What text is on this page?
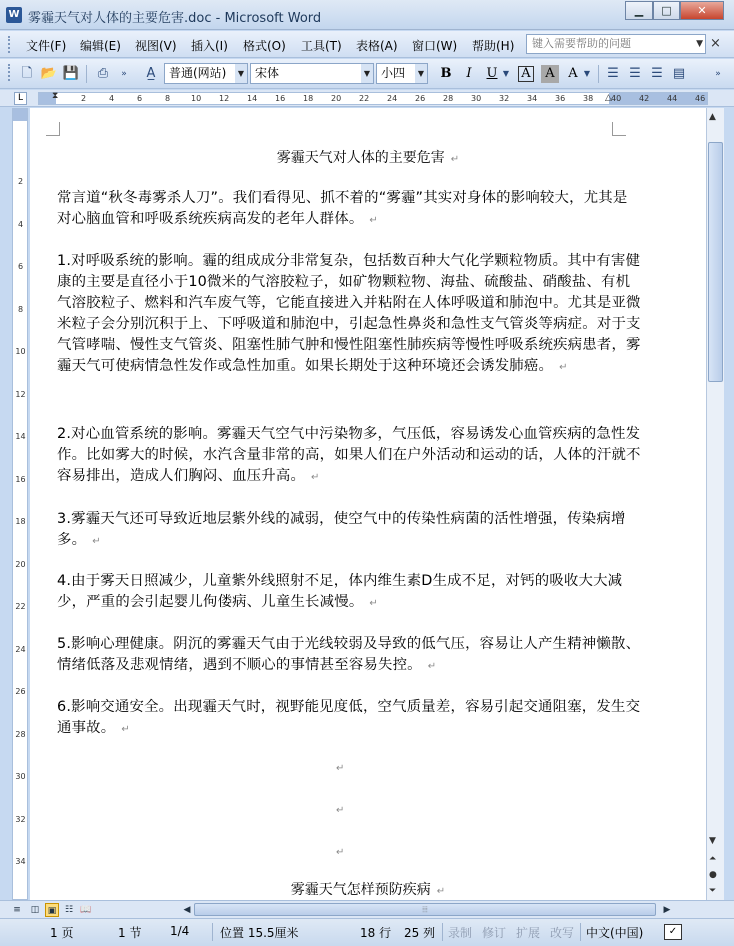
W 雾霾天气对人体的主要危害.doc - Microsoft Word
▁	□	✕
文件(F) 编辑(E) 视图(V) 插入(I) 格式(O) 工具(T) 表格(A) 窗口(W) 帮助(H)	键入需要帮助的问题	▼ ×
🗋 📂 💾 ⎙	»	A̲	普通(网站)	▼ 宋体	▼ 小四	▼ B	I	U ▼ A	A	A ▼ ☰ ☰ ☰ ▤	»
L	⧗	△
2	4	6	8	10 12 14 16 18 20 22 24 26 28 30 32 34 36 38 40 42 44 46
2
4
6
8
10
12
14
16
18
20
22
24
26
28
30
32
34
雾霾天气对人体的主要危害 ↵
常言道“秋冬毒雾杀人刀”。我们看得见、抓不着的“雾霾”其实对身体的影响较大，尤其是对心脑血管和呼吸系统疾病高发的老年人群体。 ↵
1.对呼吸系统的影响。霾的组成成分非常复杂，包括数百种大气化学颗粒物质。其中有害健康的主要是直径小于10微米的气溶胶粒子，如矿物颗粒物、海盐、硫酸盐、硝酸盐、有机气溶胶粒子、燃料和汽车废气等，它能直接进入并粘附在人体呼吸道和肺泡中。尤其是亚微米粒子会分别沉积于上、下呼吸道和肺泡中，引起急性鼻炎和急性支气管炎等病症。对于支气管哮喘、慢性支气管炎、阻塞性肺气肿和慢性阻塞性肺疾病等慢性呼吸系统疾病患者，雾霾天气可使病情急性发作或急性加重。如果长期处于这种环境还会诱发肺癌。 ↵
2.对心血管系统的影响。雾霾天气空气中污染物多，气压低，容易诱发心血管疾病的急性发作。比如雾大的时候，水汽含量非常的高，如果人们在户外活动和运动的话，人体的汗就不容易排出，造成人们胸闷、血压升高。 ↵
3.雾霾天气还可导致近地层紫外线的减弱，使空气中的传染性病菌的活性增强，传染病增多。 ↵
4.由于雾天日照减少，儿童紫外线照射不足，体内维生素D生成不足，对钙的吸收大大减少，严重的会引起婴儿佝偻病、儿童生长减慢。 ↵
5.影响心理健康。阴沉的雾霾天气由于光线较弱及导致的低气压，容易让人产生精神懒散、情绪低落及悲观情绪，遇到不顺心的事情甚至容易失控。 ↵
6.影响交通安全。出现霾天气时，视野能见度低，空气质量差，容易引起交通阻塞，发生交通事故。 ↵
↵
↵
↵
雾霾天气怎样预防疾病 ↵
▲
▼
⏶
●
⏷
≡	◫ ▣ ☷ 📖	◀	⦙⦙⦙	▶
1 页	1 节 1/4	位置 15.5厘米	18 行 25 列 录制 修订 扩展 改写 中文(中国)	✓
